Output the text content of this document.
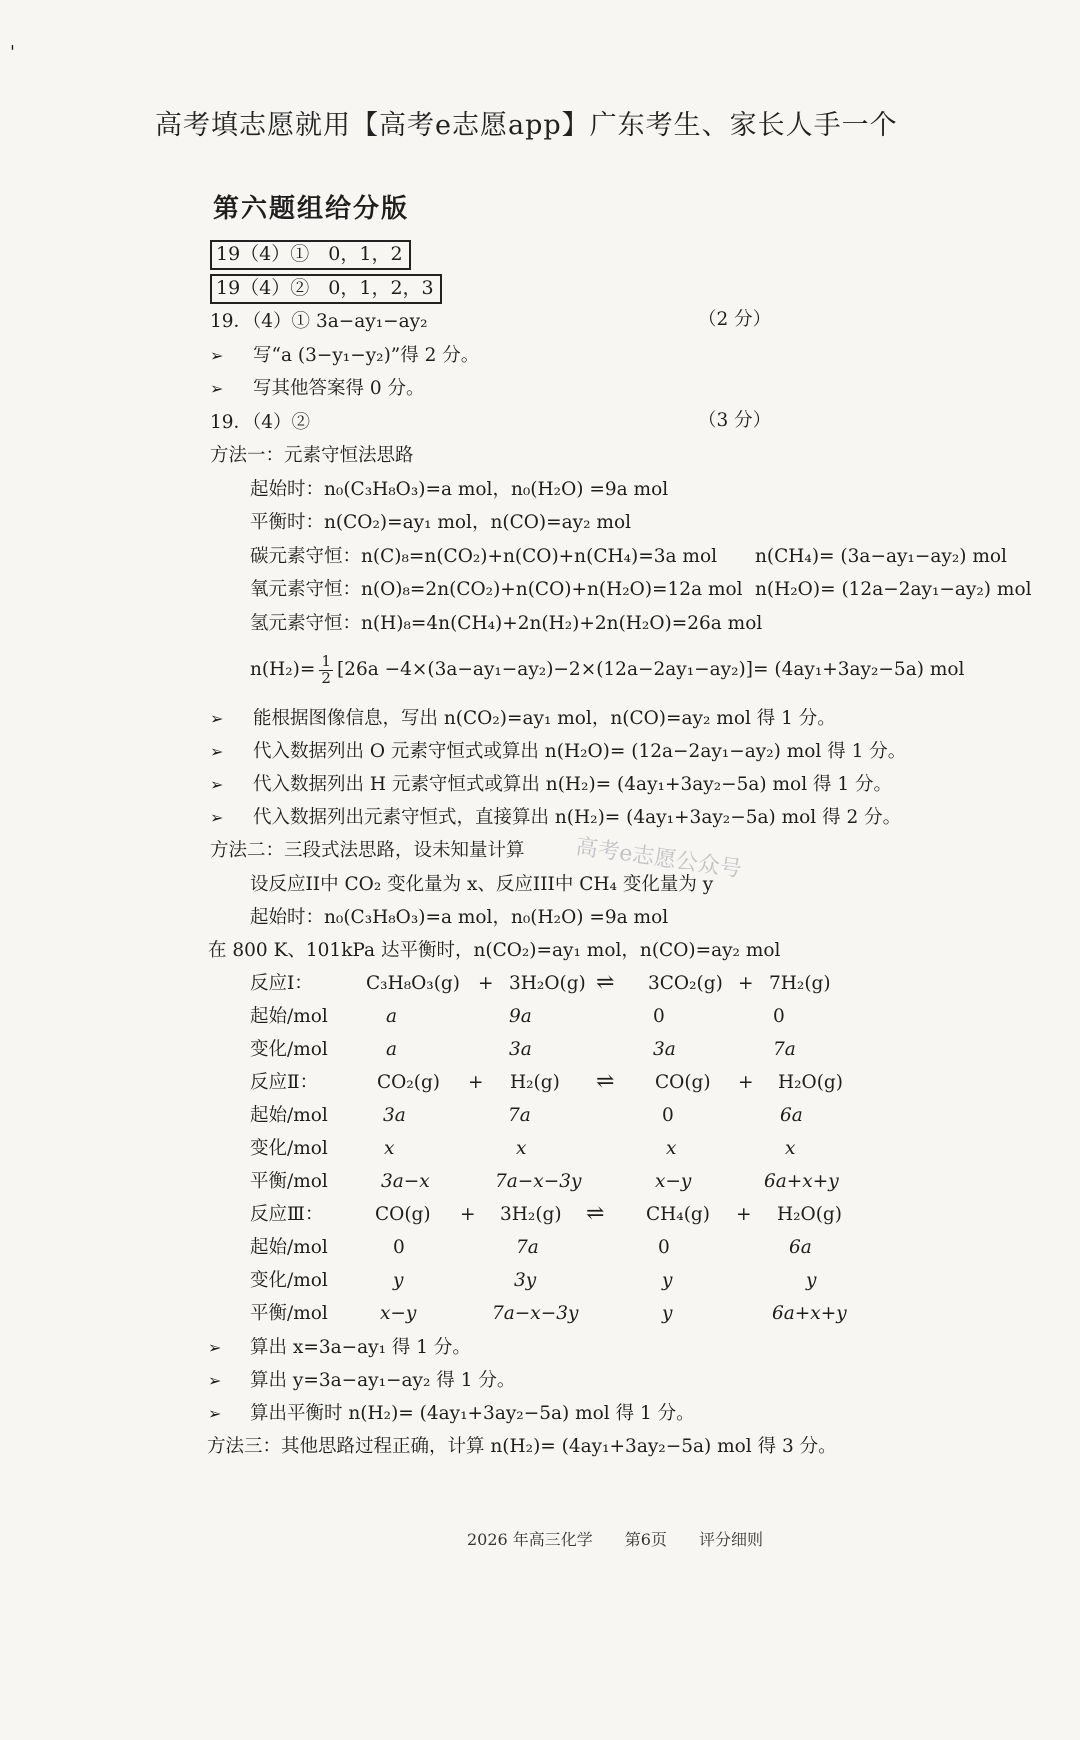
'
高考填志愿就用【高考e志愿app】广东考生、家长人手一个
第六题组给分版
19（4）①　0，1，2
19（4）②　0，1，2，3
19．（4）① 3a−ay₁−ay₂	（2 分）
➢ 写“a (3−y₁−y₂)”得 2 分。
➢ 写其他答案得 0 分。
19．（4）②	（3 分）
方法一：元素守恒法思路
起始时：n₀(C₃H₈O₃)=a mol，n₀(H₂O) =9a mol
平衡时：n(CO₂)=ay₁ mol，n(CO)=ay₂ mol
碳元素守恒：n(C)₈=n(CO₂)+n(CO)+n(CH₄)=3a mol n(CH₄)= (3a−ay₁−ay₂) mol
氧元素守恒：n(O)₈=2n(CO₂)+n(CO)+n(H₂O)=12a mol n(H₂O)= (12a−2ay₁−ay₂) mol
氢元素守恒：n(H)₈=4n(CH₄)+2n(H₂)+2n(H₂O)=26a mol
$n(H_2)= \frac{1}{2} [26a -4\times(3a-ay_1-ay_2)-2\times(12a-2ay_1-ay_2)]= (4ay_1+3ay_2-5a)$ mol
➢ 能根据图像信息，写出 n(CO₂)=ay₁ mol，n(CO)=ay₂ mol 得 1 分。
➢ 代入数据列出 O 元素守恒式或算出 n(H₂O)= (12a−2ay₁−ay₂) mol 得 1 分。
➢ 代入数据列出 H 元素守恒式或算出 n(H₂)= (4ay₁+3ay₂−5a) mol 得 1 分。
➢ 代入数据列出元素守恒式，直接算出 n(H₂)= (4ay₁+3ay₂−5a) mol 得 2 分。
方法二：三段式法思路，设未知量计算
设反应II中 CO₂ 变化量为 x、反应III中 CH₄ 变化量为 y
起始时：n₀(C₃H₈O₃)=a mol，n₀(H₂O) =9a mol
在 800 K、101kPa 达平衡时，n(CO₂)=ay₁ mol，n(CO)=ay₂ mol
反应Ⅰ：	C₃H₈O₃(g) + 3H₂O(g) ⇌ 3CO₂(g) + 7H₂(g)
起始/mol	a	9a	0	0
变化/mol	a	3a	3a	7a
反应Ⅱ：	CO₂(g) + H₂(g) ⇌ CO(g) + H₂O(g)
起始/mol	3a	7a	0	6a
变化/mol	x	x	x	x
平衡/mol	3a−x	7a−x−3y	x−y	6a+x+y
反应Ⅲ：	CO(g) + 3H₂(g) ⇌ CH₄(g) + H₂O(g)
起始/mol	0	7a	0	6a
变化/mol	y	3y	y	y
平衡/mol	x−y	7a−x−3y	y	6a+x+y
➢ 算出 x=3a−ay₁ 得 1 分。
➢ 算出 y=3a−ay₁−ay₂ 得 1 分。
➢ 算出平衡时 n(H₂)= (4ay₁+3ay₂−5a) mol 得 1 分。
方法三：其他思路过程正确，计算 n(H₂)= (4ay₁+3ay₂−5a) mol 得 3 分。
高考e志愿公众号
2026 年高三化学　　第6页　　评分细则
